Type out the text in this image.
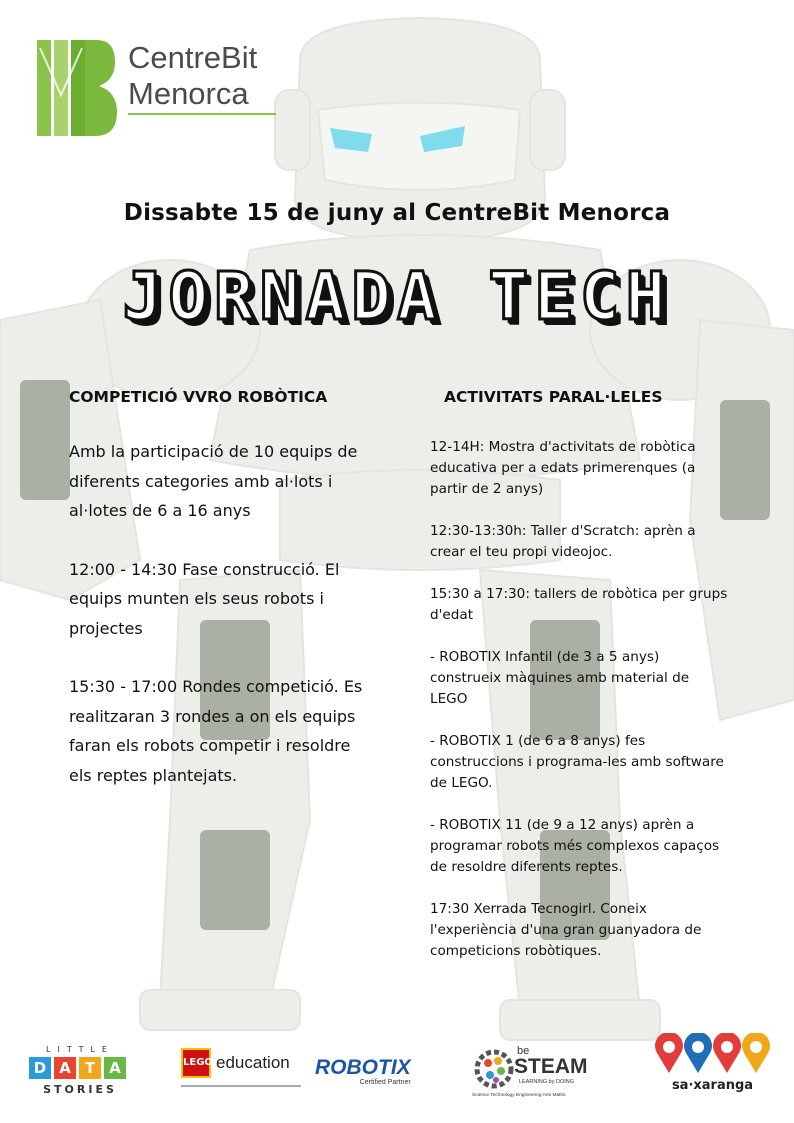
CentreBit
Menorca
Dissabte 15 de juny al CentreBit Menorca
JORNADA TECH
COMPETICIÓ VVRO ROBÒTICA

Amb la participació de 10 equips de diferents categories amb al·lots i al·lotes de 6 a 16 anys

12:00 - 14:30 Fase construcció. El equips munten els seus robots i projectes

15:30 - 17:00 Rondes competició. Es realitzaran 3 rondes a on els equips faran els robots competir i resoldre els reptes plantejats.

ACTIVITATS PARAL·LELES

12-14H: Mostra d'activitats de robòtica educativa per a edats primerenques (a partir de 2 anys)

12:30-13:30h: Taller d'Scratch: aprèn a crear el teu propi videojoc.

15:30 a 17:30: tallers de robòtica per grups d'edat

- ROBOTIX Infantil (de 3 a 5 anys) construeix màquines amb material de LEGO

- ROBOTIX 1 (de 6 a 8 anys) fes construccions i programa-les amb software de LEGO.

- ROBOTIX 11 (de 9 a 12 anys) aprèn a programar robots més complexos capaços de resoldre diferents reptes.

17:30 Xerrada Tecnogirl. Coneix l'experiència d'una gran guanyadora de competicions robòtiques.

LITTLE
D A T A
STORIES
LEGO education ROBOTIX
Certified Partner
be
STEAM
LEARNING by DOING
Science Technology Engineering Arts Maths
sa·xaranga
